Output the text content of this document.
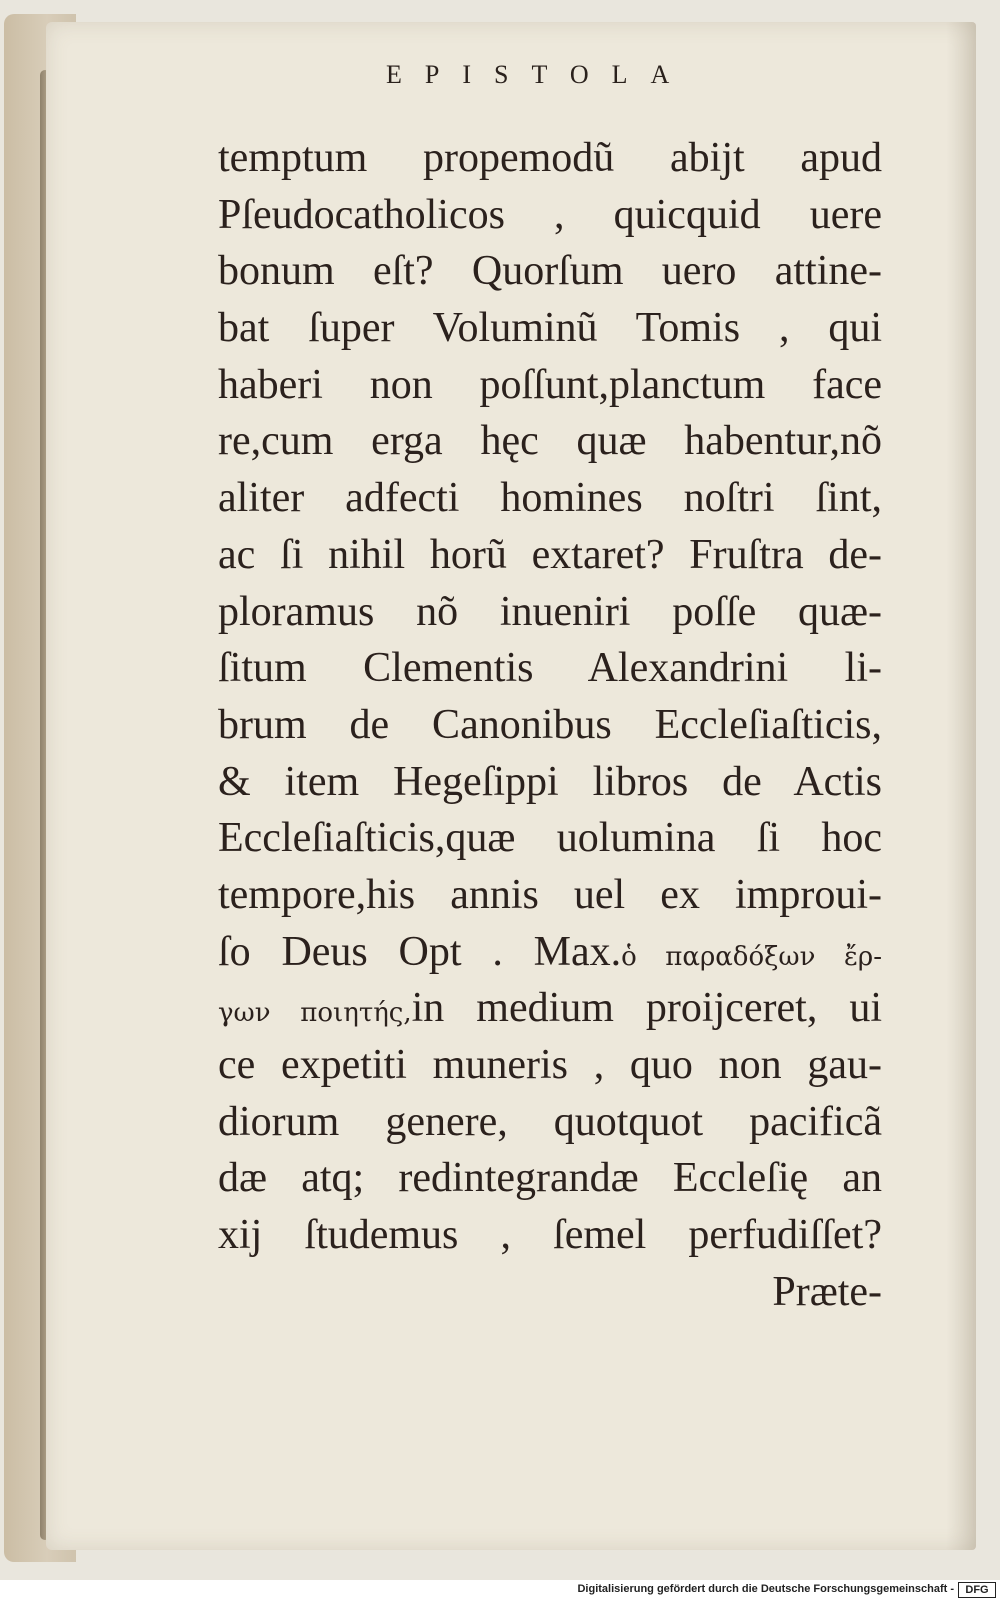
EPISTOLA
temptum propemodũ abijt apud
Pſeudocatholicos , quicquid uere
bonum eſt? Quorſum uero attine-
bat ſuper Voluminũ Tomis , qui
haberi non poſſunt,planctum face
re,cum erga hęc quæ habentur,nõ
aliter adfecti homines noſtri ſint,
ac ſi nihil horũ extaret? Fruſtra de-
ploramus nõ inueniri poſſe quæ-
ſitum Clementis Alexandrini li-
brum de Canonibus Eccleſiaſticis,
& item Hegeſippi libros de Actis
Eccleſiaſticis,quæ uolumina ſi hoc
tempore,his annis uel ex improui-
ſo Deus Opt . Max.ὁ παραδόξων ἔρ-
γων ποιητής,in medium proijceret, ui
ce expetiti muneris , quo non gau-
diorum genere, quotquot pacificã
dæ atq; redintegrandæ Eccleſię an
xij ſtudemus , ſemel perfudiſſet?
Præte-
Digitalisierung gefördert durch die Deutsche Forschungsgemeinschaft -	DFG
